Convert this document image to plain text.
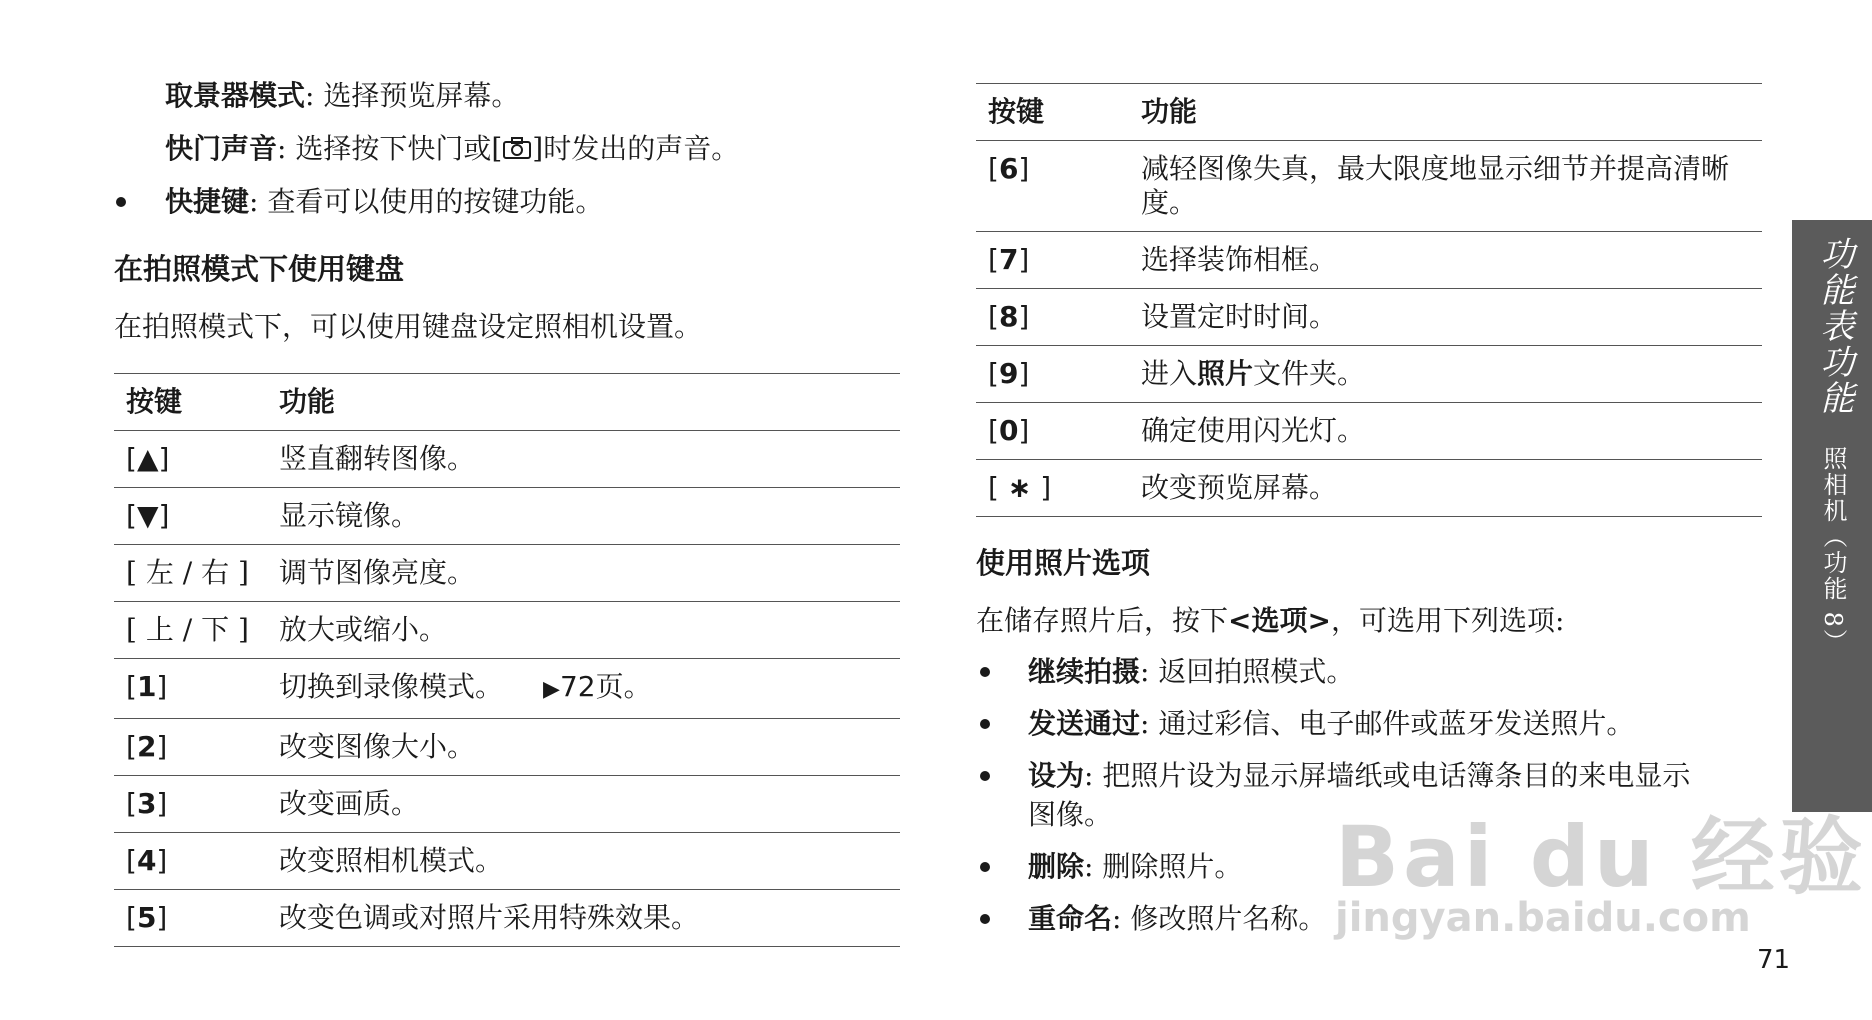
取景器模式: 选择预览屏幕。
快门声音: 选择按下快门或[ ]时发出的声音。
快捷键: 查看可以使用的按键功能。
在拍照模式下使用键盘
在拍照模式下，可以使用键盘设定照相机设置。
按键	功能
[▲]	竖直翻转图像。
[▼]	显示镜像。
[ 左 / 右 ]	调节图像亮度。
[ 上 / 下 ]	放大或缩小。
[1]	切换到录像模式。 ▶72页。
[2]	改变图像大小。
[3]	改变画质。
[4]	改变照相机模式。
[5]	改变色调或对照片采用特殊效果。
按键	功能
[6]	减轻图像失真，最大限度地显示细节并提高清晰度。
[7]	选择装饰相框。
[8]	设置定时时间。
[9]	进入照片文件夹。
[0]	确定使用闪光灯。
[ ∗ ]	改变预览屏幕。
使用照片选项
在储存照片后，按下<选项>，可选用下列选项:
继续拍摄: 返回拍照模式。
发送通过: 通过彩信、电子邮件或蓝牙发送照片。
设为: 把照片设为显示屏墙纸或电话簿条目的来电显示
图像。
删除: 删除照片。
重命名: 修改照片名称。
功能表功能
照相机（功能 8）
Bai du 经验
jingyan.baidu.com
71
